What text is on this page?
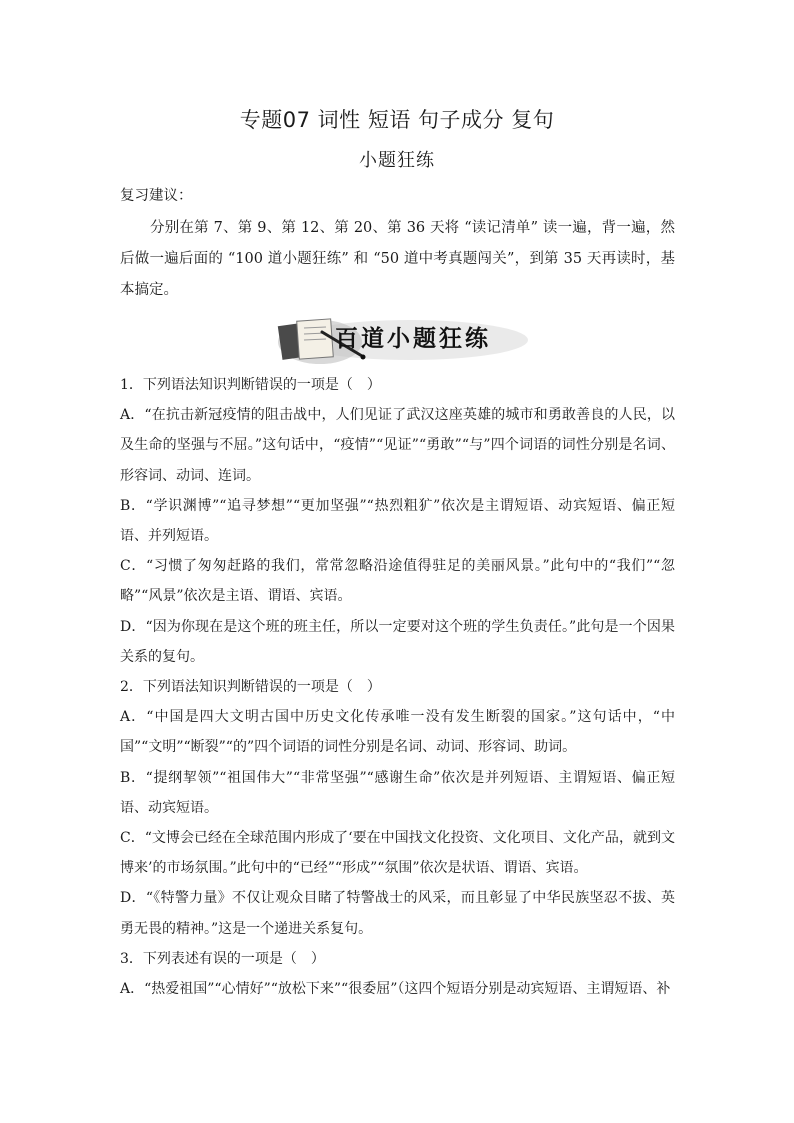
专题07 词性 短语 句子成分 复句
小题狂练
复习建议：
分别在第 7、第 9、第 12、第 20、第 36 天将 “读记清单” 读一遍，背一遍，然后做一遍后面的 “100 道小题狂练” 和 “50 道中考真题闯关”，到第 35 天再读时，基本搞定。
百道小题狂练

1．下列语法知识判断错误的一项是（　）

A．“在抗击新冠疫情的阻击战中，人们见证了武汉这座英雄的城市和勇敢善良的人民，以及生命的坚强与不屈。”这句话中，“疫情”“见证”“勇敢”“与”四个词语的词性分别是名词、形容词、动词、连词。

B．“学识渊博”“追寻梦想”“更加坚强”“热烈粗犷”依次是主谓短语、动宾短语、偏正短语、并列短语。

C．“习惯了匆匆赶路的我们，常常忽略沿途值得驻足的美丽风景。”此句中的“我们”“忽略”“风景”依次是主语、谓语、宾语。

D．“因为你现在是这个班的班主任，所以一定要对这个班的学生负责任。”此句是一个因果关系的复句。

2．下列语法知识判断错误的一项是（　）

A．“中国是四大文明古国中历史文化传承唯一没有发生断裂的国家。”这句话中，“中国”“文明”“断裂”“的”四个词语的词性分别是名词、动词、形容词、助词。

B．“提纲挈领”“祖国伟大”“非常坚强”“感谢生命”依次是并列短语、主谓短语、偏正短语、动宾短语。

C．“文博会已经在全球范围内形成了‘要在中国找文化投资、文化项目、文化产品，就到文博来’的市场氛围。”此句中的“已经”“形成”“氛围”依次是状语、谓语、宾语。

D．“《特警力量》不仅让观众目睹了特警战士的风采，而且彰显了中华民族坚忍不拔、英勇无畏的精神。”这是一个递进关系复句。

3．下列表述有误的一项是（　）

A．“热爱祖国”“心情好”“放松下来”“很委屈”（这四个短语分别是动宾短语、主谓短语、补
